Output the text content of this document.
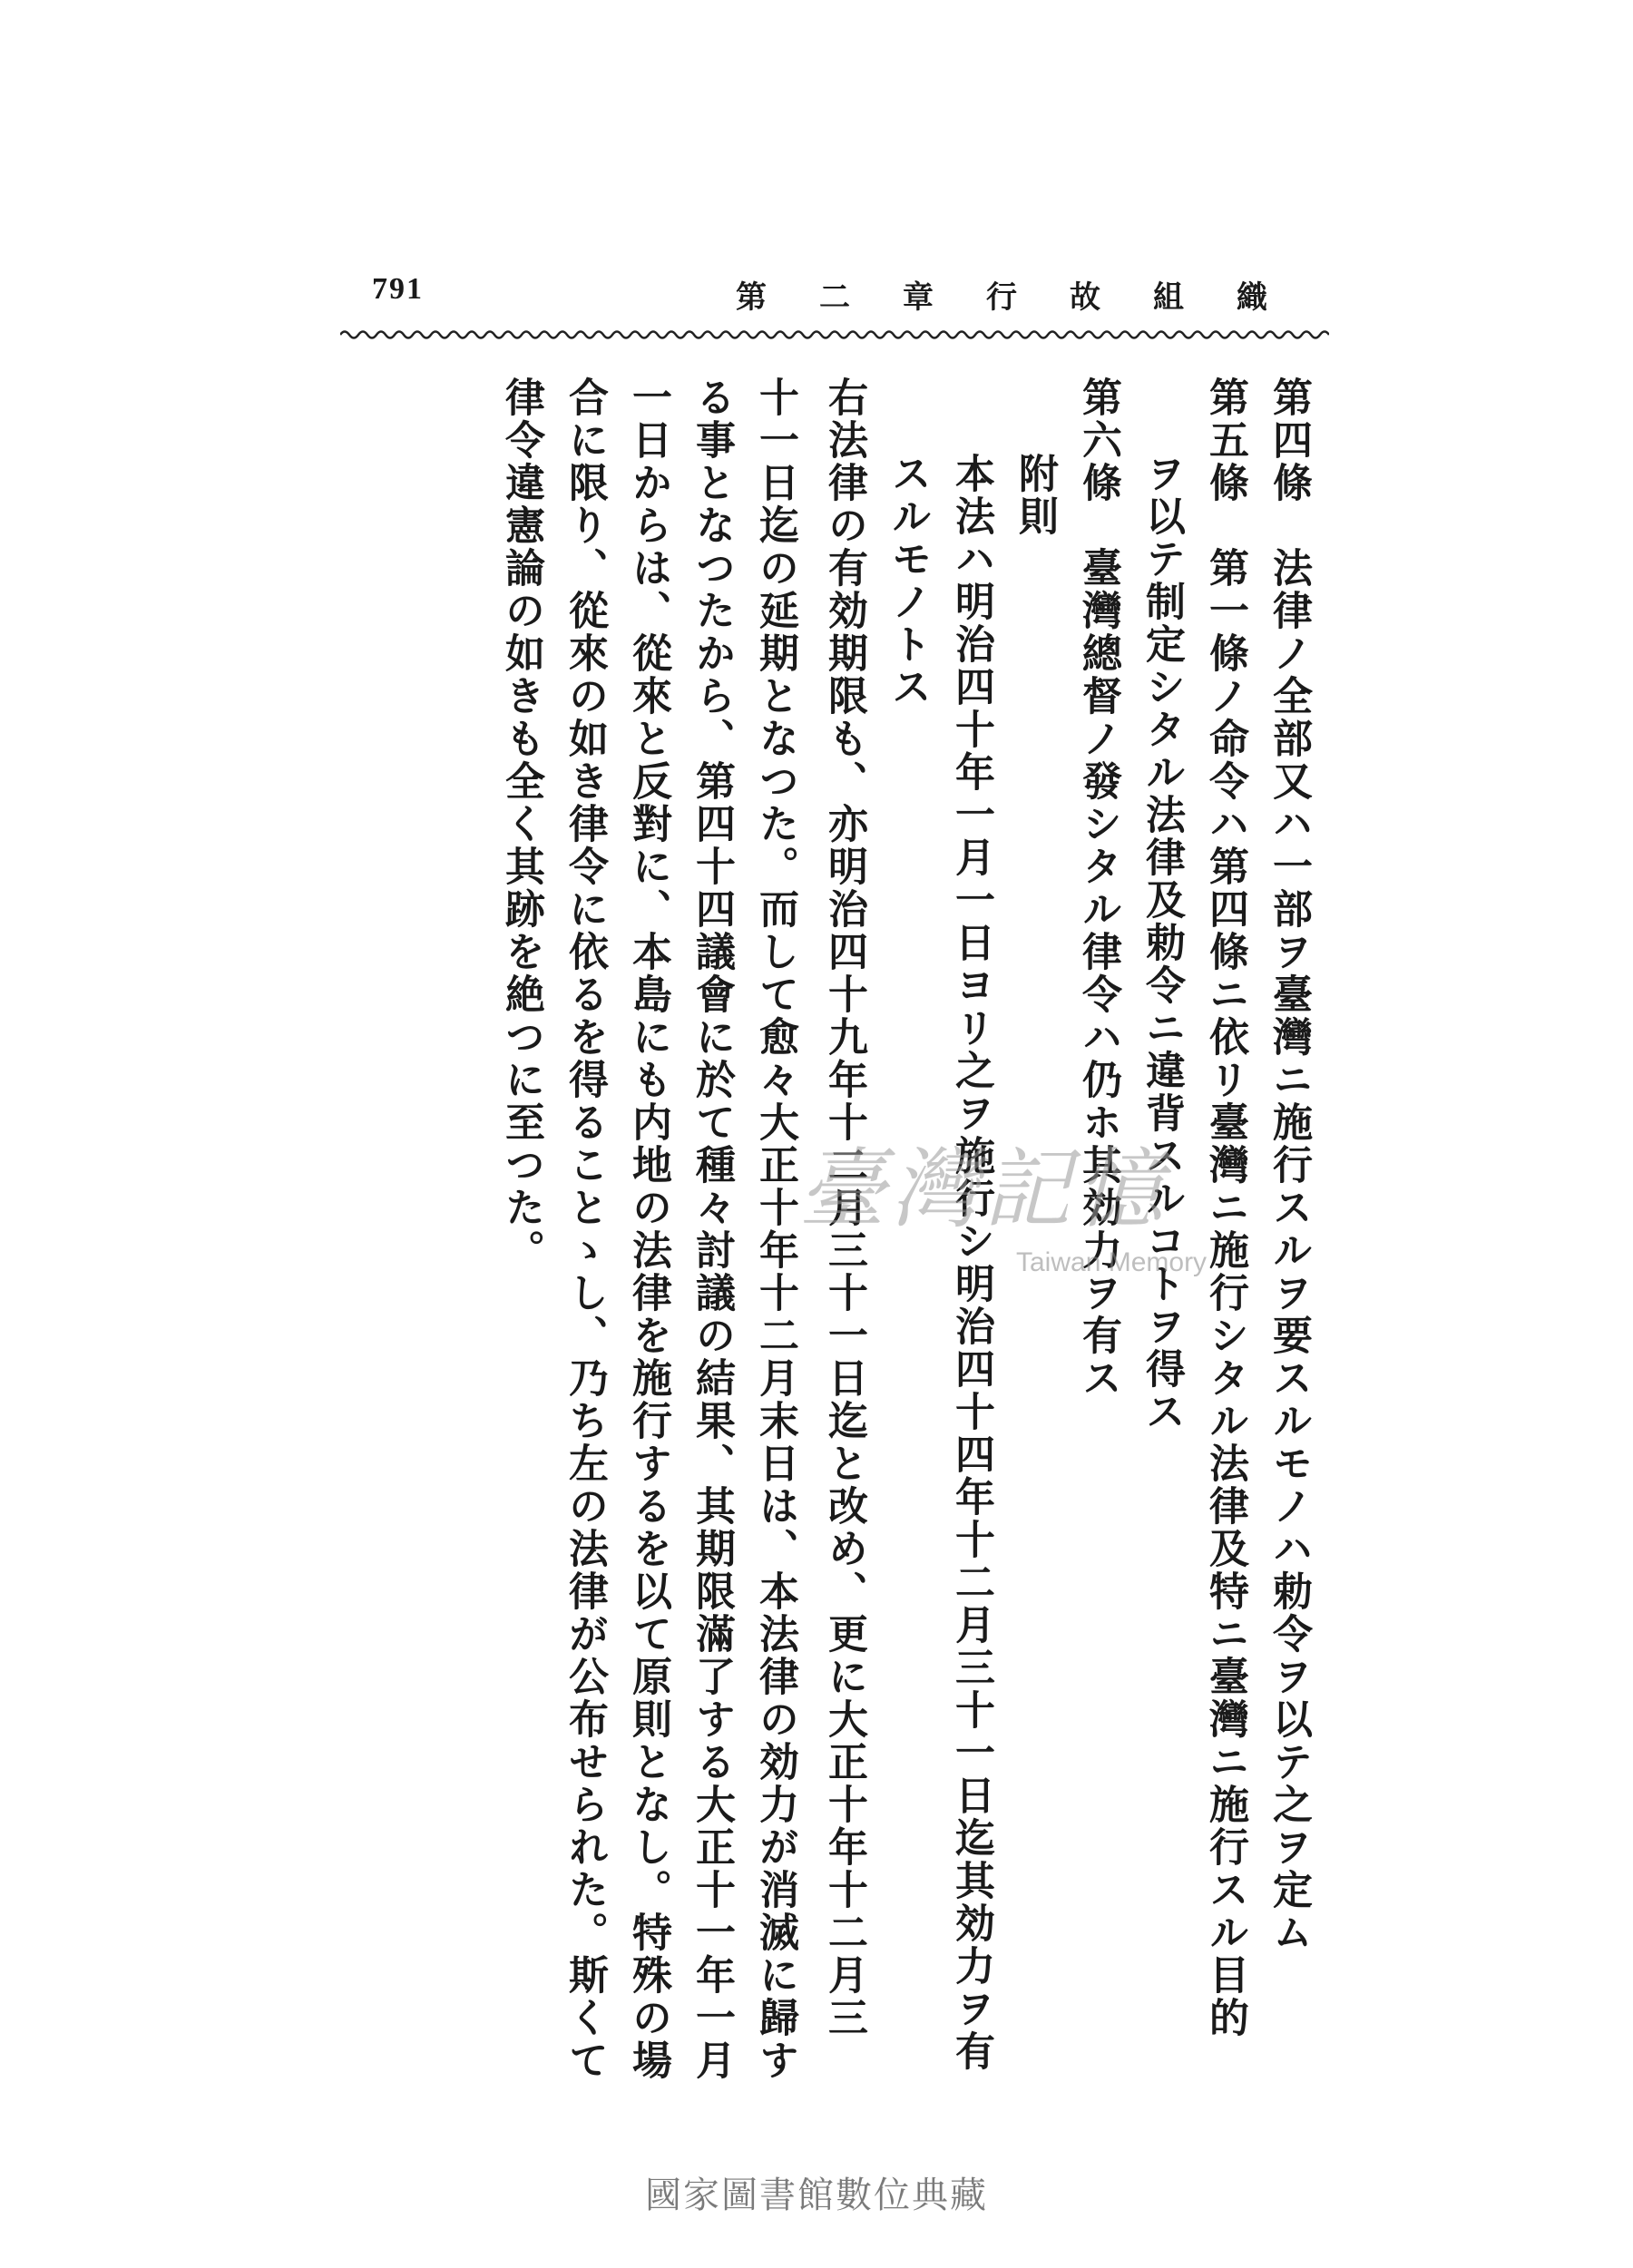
791	第二章行故組織
第四條　法律ノ全部又ハ一部ヲ臺灣ニ施行スルヲ要スルモノハ勅令ヲ以テ之ヲ定ム
第五條　第一條ノ命令ハ第四條ニ依リ臺灣ニ施行シタル法律及特ニ臺灣ニ施行スル目的
ヲ以テ制定シタル法律及勅令ニ違背スルコトヲ得ス
第六條　臺灣總督ノ發シタル律令ハ仍ホ其効力ヲ有ス
附則
本法ハ明治四十年一月一日ヨリ之ヲ施行シ明治四十四年十二月三十一日迄其効力ヲ有
スルモノトス
右法律の有効期限も、亦明治四十九年十二月三十一日迄と改め、更に大正十年十二月三
十一日迄の延期となつた。而して愈々大正十年十二月末日は、本法律の効力が消滅に歸す
る事となつたから、第四十四議會に於て種々討議の結果、其期限滿了する大正十一年一月
一日からは、從來と反對に、本島にも内地の法律を施行するを以て原則となし。特殊の場
合に限り、從來の如き律令に依るを得ることゝし、乃ち左の法律が公布せられた。斯くて
律令違憲論の如きも全く其跡を絶つに至つた。	臺灣記憶
Taiwan Memory
國家圖書館數位典藏
